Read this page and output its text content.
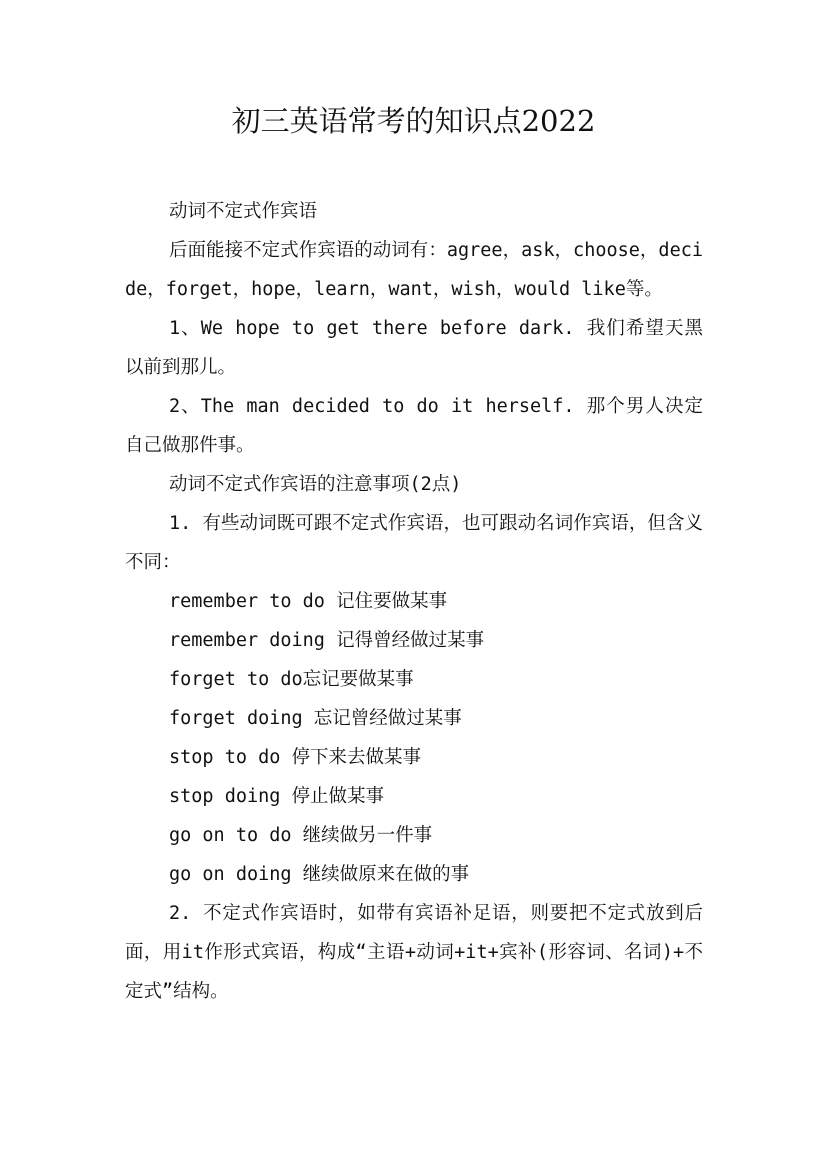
初三英语常考的知识点2022

动词不定式作宾语

后面能接不定式作宾语的动词有：agree，ask，choose，decide，forget，hope，learn，want，wish，would like等。

1、We hope to get there before dark. 我们希望天黑以前到那儿。

2、The man decided to do it herself. 那个男人决定自己做那件事。

动词不定式作宾语的注意事项(2点)

1. 有些动词既可跟不定式作宾语，也可跟动名词作宾语，但含义不同：

remember to do 记住要做某事

remember doing 记得曾经做过某事

forget to do忘记要做某事

forget doing 忘记曾经做过某事

stop to do 停下来去做某事

stop doing 停止做某事

go on to do 继续做另一件事

go on doing 继续做原来在做的事

2. 不定式作宾语时，如带有宾语补足语，则要把不定式放到后面，用it作形式宾语，构成“主语+动词+it+宾补(形容词、名词)+不定式”结构。
